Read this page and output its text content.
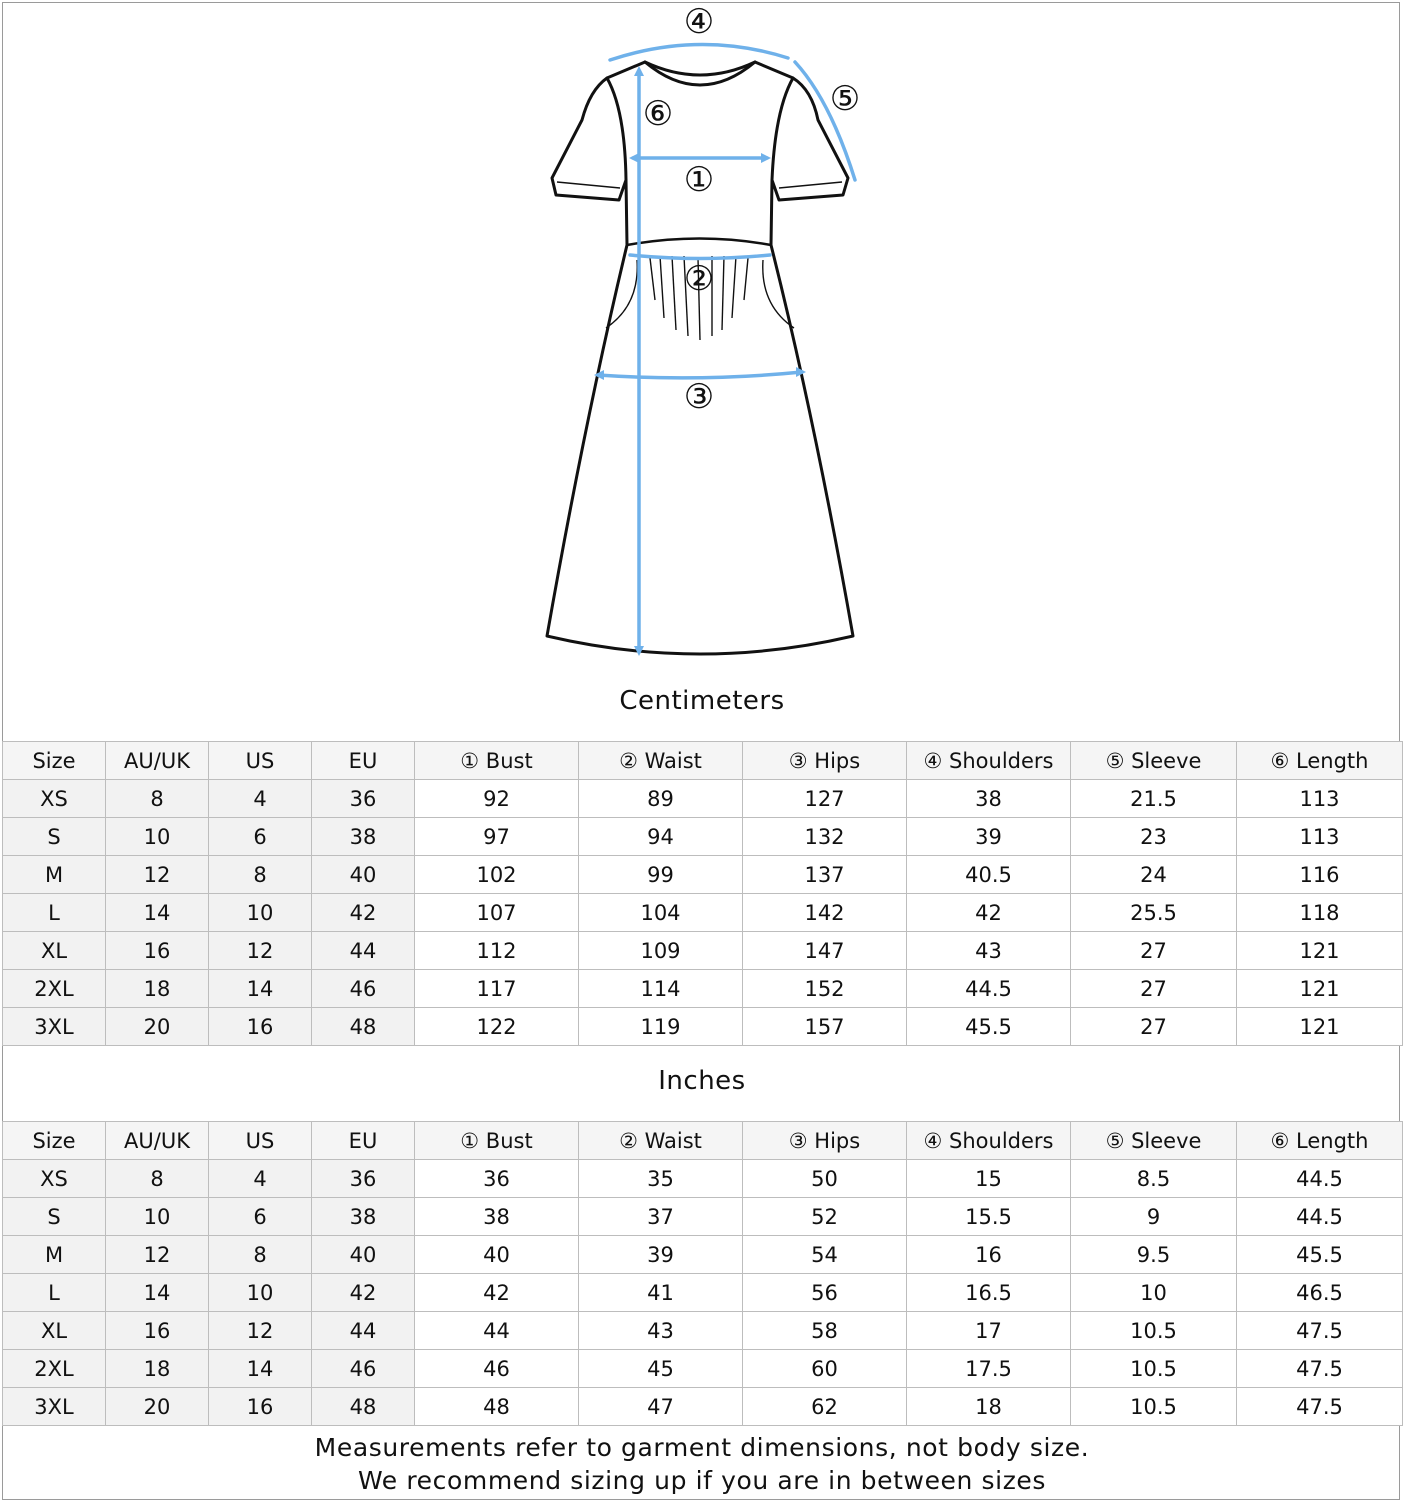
①
②
③
④
⑤
⑥
Centimeters
Size	AU/UK	US	EU	① Bust	② Waist	③ Hips	④ Shoulders	⑤ Sleeve	⑥ Length
XS	8	4	36	92	89	127	38	21.5	113
S	10	6	38	97	94	132	39	23	113
M	12	8	40	102	99	137	40.5	24	116
L	14	10	42	107	104	142	42	25.5	118
XL	16	12	44	112	109	147	43	27	121
2XL	18	14	46	117	114	152	44.5	27	121
3XL	20	16	48	122	119	157	45.5	27	121
Inches
Size	AU/UK	US	EU	① Bust	② Waist	③ Hips	④ Shoulders	⑤ Sleeve	⑥ Length
XS	8	4	36	36	35	50	15	8.5	44.5
S	10	6	38	38	37	52	15.5	9	44.5
M	12	8	40	40	39	54	16	9.5	45.5
L	14	10	42	42	41	56	16.5	10	46.5
XL	16	12	44	44	43	58	17	10.5	47.5
2XL	18	14	46	46	45	60	17.5	10.5	47.5
3XL	20	16	48	48	47	62	18	10.5	47.5
Measurements refer to garment dimensions, not body size.
We recommend sizing up if you are in between sizes
